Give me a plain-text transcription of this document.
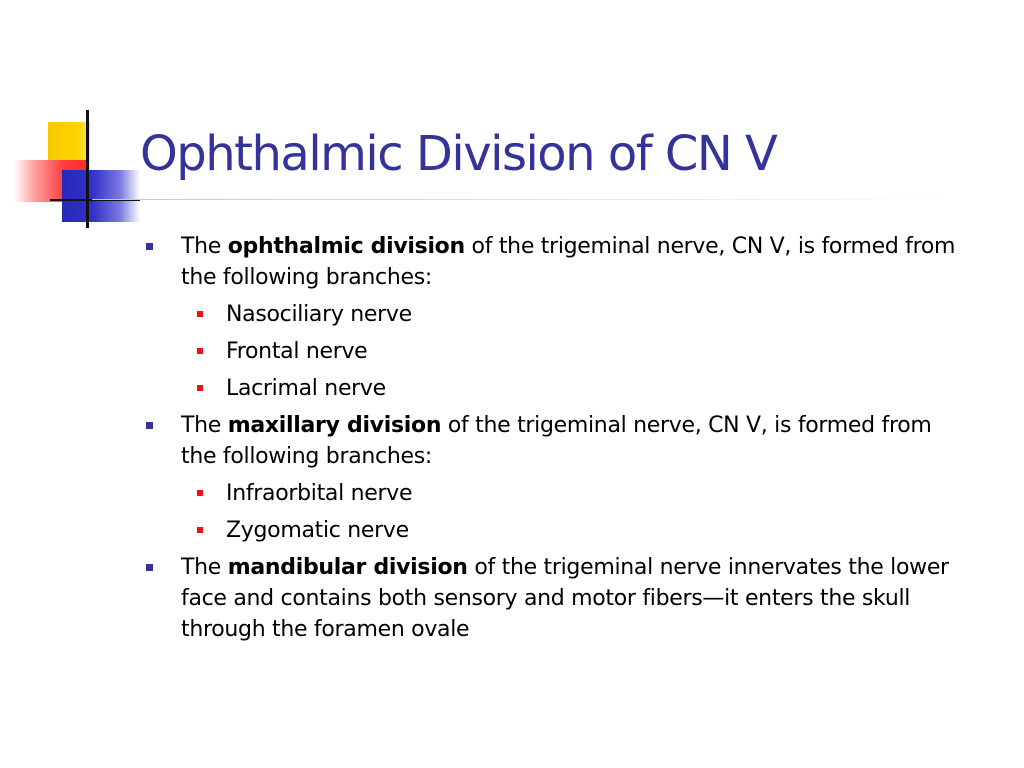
Ophthalmic Division of CN V
The ophthalmic division of the trigeminal nerve, CN V, is formed from the following branches:
Nasociliary nerve
Frontal nerve
Lacrimal nerve
The maxillary division of the trigeminal nerve, CN V, is formed from the following branches:
Infraorbital nerve
Zygomatic nerve
The mandibular division of the trigeminal nerve innervates the lower face and contains both sensory and motor fibers—it enters the skull through the foramen ovale
